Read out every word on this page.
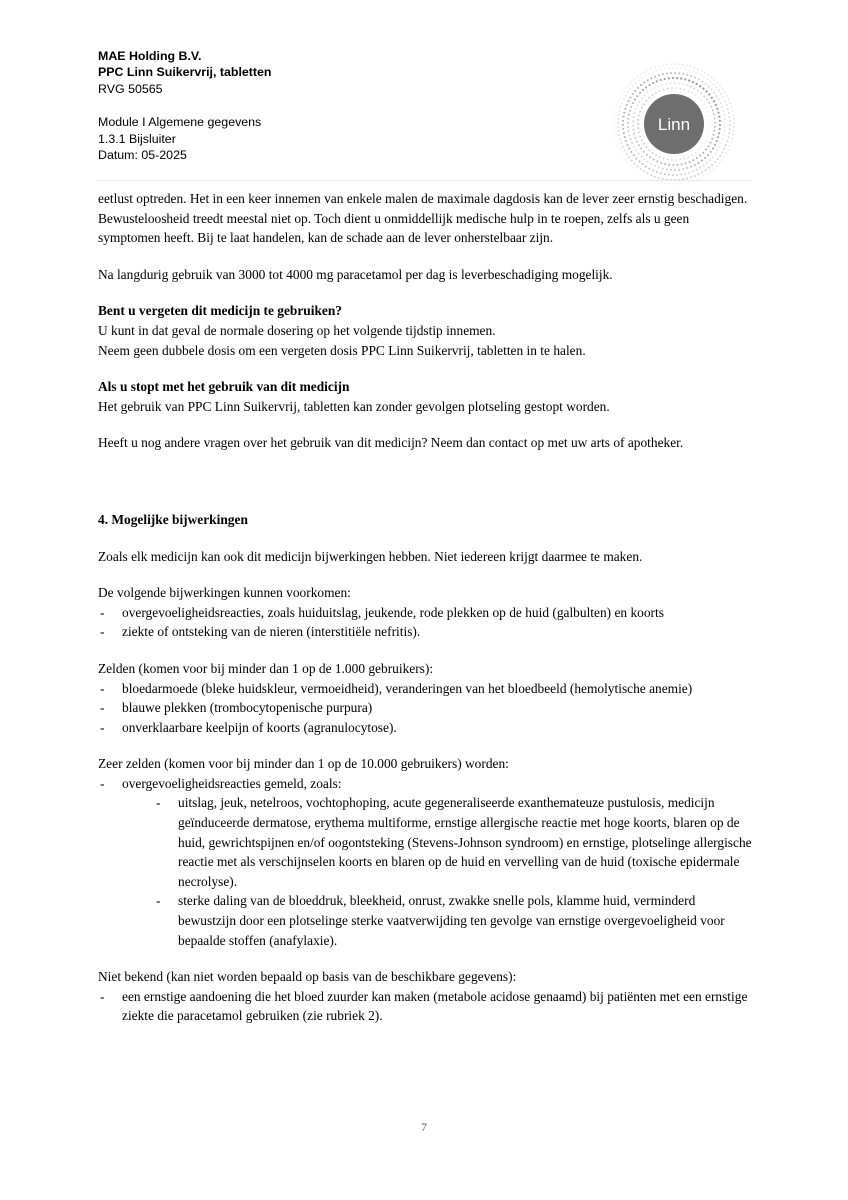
MAE Holding B.V.
PPC Linn Suikervrij, tabletten
RVG 50565
Module I Algemene gegevens
1.3.1 Bijsluiter
Datum: 05-2025
Linn

eetlust optreden. Het in een keer innemen van enkele malen de maximale dagdosis kan de lever zeer ernstig beschadigen. Bewusteloosheid treedt meestal niet op. Toch dient u onmiddellijk medische hulp in te roepen, zelfs als u geen symptomen heeft. Bij te laat handelen, kan de schade aan de lever onherstelbaar zijn.

Na langdurig gebruik van 3000 tot 4000 mg paracetamol per dag is leverbeschadiging mogelijk.

Bent u vergeten dit medicijn te gebruiken?

U kunt in dat geval de normale dosering op het volgende tijdstip innemen.

Neem geen dubbele dosis om een vergeten dosis PPC Linn Suikervrij, tabletten in te halen.

Als u stopt met het gebruik van dit medicijn

Het gebruik van PPC Linn Suikervrij, tabletten kan zonder gevolgen plotseling gestopt worden.

Heeft u nog andere vragen over het gebruik van dit medicijn? Neem dan contact op met uw arts of apotheker.

4. Mogelijke bijwerkingen

Zoals elk medicijn kan ook dit medicijn bijwerkingen hebben. Niet iedereen krijgt daarmee te maken.

De volgende bijwerkingen kunnen voorkomen:

- overgevoeligheidsreacties, zoals huiduitslag, jeukende, rode plekken op de huid (galbulten) en koorts
- ziekte of ontsteking van de nieren (interstitiële nefritis).

Zelden (komen voor bij minder dan 1 op de 1.000 gebruikers):

- bloedarmoede (bleke huidskleur, vermoeidheid), veranderingen van het bloedbeeld (hemolytische anemie)
- blauwe plekken (trombocytopenische purpura)
- onverklaarbare keelpijn of koorts (agranulocytose).

Zeer zelden (komen voor bij minder dan 1 op de 10.000 gebruikers) worden:

- overgevoeligheidsreacties gemeld, zoals:
- uitslag, jeuk, netelroos, vochtophoping, acute gegeneraliseerde exanthemateuze pustulosis, medicijn geïnduceerde dermatose, erythema multiforme, ernstige allergische reactie met hoge koorts, blaren op de huid, gewrichtspijnen en/of oogontsteking (Stevens-Johnson syndroom) en ernstige, plotselinge allergische reactie met als verschijnselen koorts en blaren op de huid en vervelling van de huid (toxische epidermale necrolyse).
- sterke daling van de bloeddruk, bleekheid, onrust, zwakke snelle pols, klamme huid, verminderd bewustzijn door een plotselinge sterke vaatverwijding ten gevolge van ernstige overgevoeligheid voor bepaalde stoffen (anafylaxie).

Niet bekend (kan niet worden bepaald op basis van de beschikbare gegevens):

- een ernstige aandoening die het bloed zuurder kan maken (metabole acidose genaamd) bij patiënten met een ernstige ziekte die paracetamol gebruiken (zie rubriek 2).
7
